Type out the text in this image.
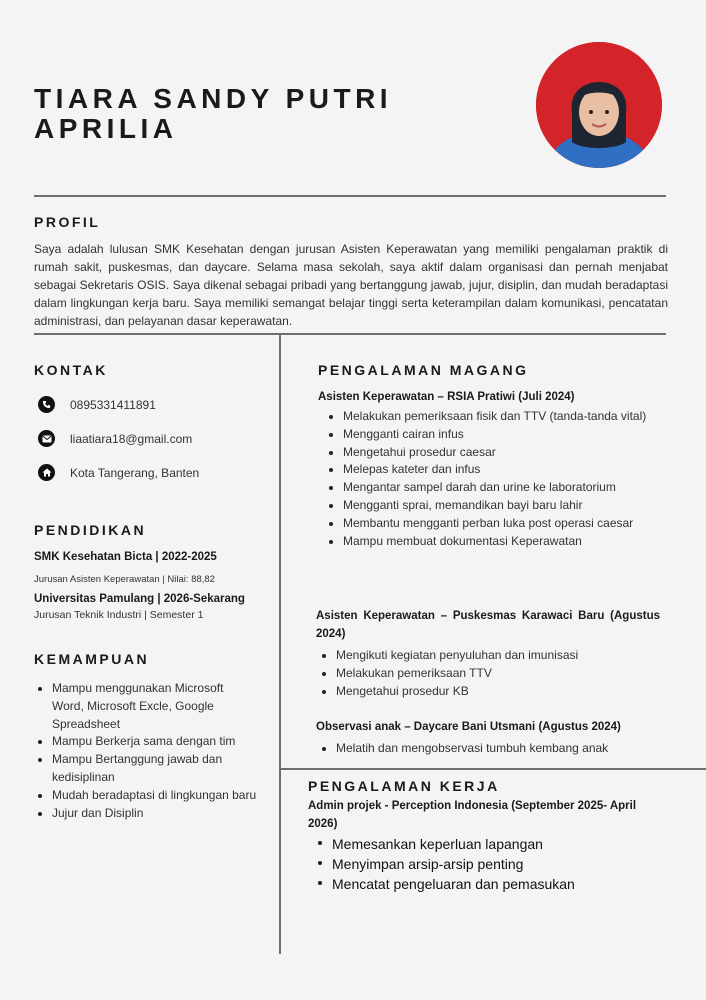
TIARA SANDY PUTRI
APRILIA
PROFIL
Saya adalah lulusan SMK Kesehatan dengan jurusan Asisten Keperawatan yang memiliki pengalaman praktik di rumah sakit, puskesmas, dan daycare. Selama masa sekolah, saya aktif dalam organisasi dan pernah menjabat sebagai Sekretaris OSIS. Saya dikenal sebagai pribadi yang bertanggung jawab, jujur, disiplin, dan mudah beradaptasi dalam lingkungan kerja baru. Saya memiliki semangat belajar tinggi serta keterampilan dalam komunikasi, pencatatan administrasi, dan pelayanan dasar keperawatan.
KONTAK
0895331411891
liaatiara18@gmail.com
Kota Tangerang, Banten
PENDIDIKAN
SMK Kesehatan Bicta | 2022-2025
Jurusan Asisten Keperawatan | Nilai: 88,82
Universitas Pamulang | 2026-Sekarang
Jurusan Teknik Industri | Semester 1
KEMAMPUAN
Mampu menggunakan Microsoft Word, Microsoft Excle, Google Spreadsheet
Mampu Berkerja sama dengan tim
Mampu Bertanggung jawab dan kedisiplinan
Mudah beradaptasi di lingkungan baru
Jujur dan Disiplin
PENGALAMAN MAGANG
Asisten Keperawatan – RSIA Pratiwi (Juli 2024)
Melakukan pemeriksaan fisik dan TTV (tanda-tanda vital)
Mengganti cairan infus
Mengetahui prosedur caesar
Melepas kateter dan infus
Mengantar sampel darah dan urine ke laboratorium
Mengganti sprai, memandikan bayi baru lahir
Membantu mengganti perban luka post operasi caesar
Mampu membuat dokumentasi Keperawatan
Asisten Keperawatan – Puskesmas Karawaci Baru (Agustus 2024)
Mengikuti kegiatan penyuluhan dan imunisasi
Melakukan pemeriksaan TTV
Mengetahui prosedur KB
Observasi anak – Daycare Bani Utsmani (Agustus 2024)
Melatih dan mengobservasi tumbuh kembang anak
PENGALAMAN KERJA
Admin projek - Perception Indonesia (September 2025- April 2026)
Memesankan keperluan lapangan
Menyimpan arsip-arsip penting
Mencatat pengeluaran dan pemasukan
